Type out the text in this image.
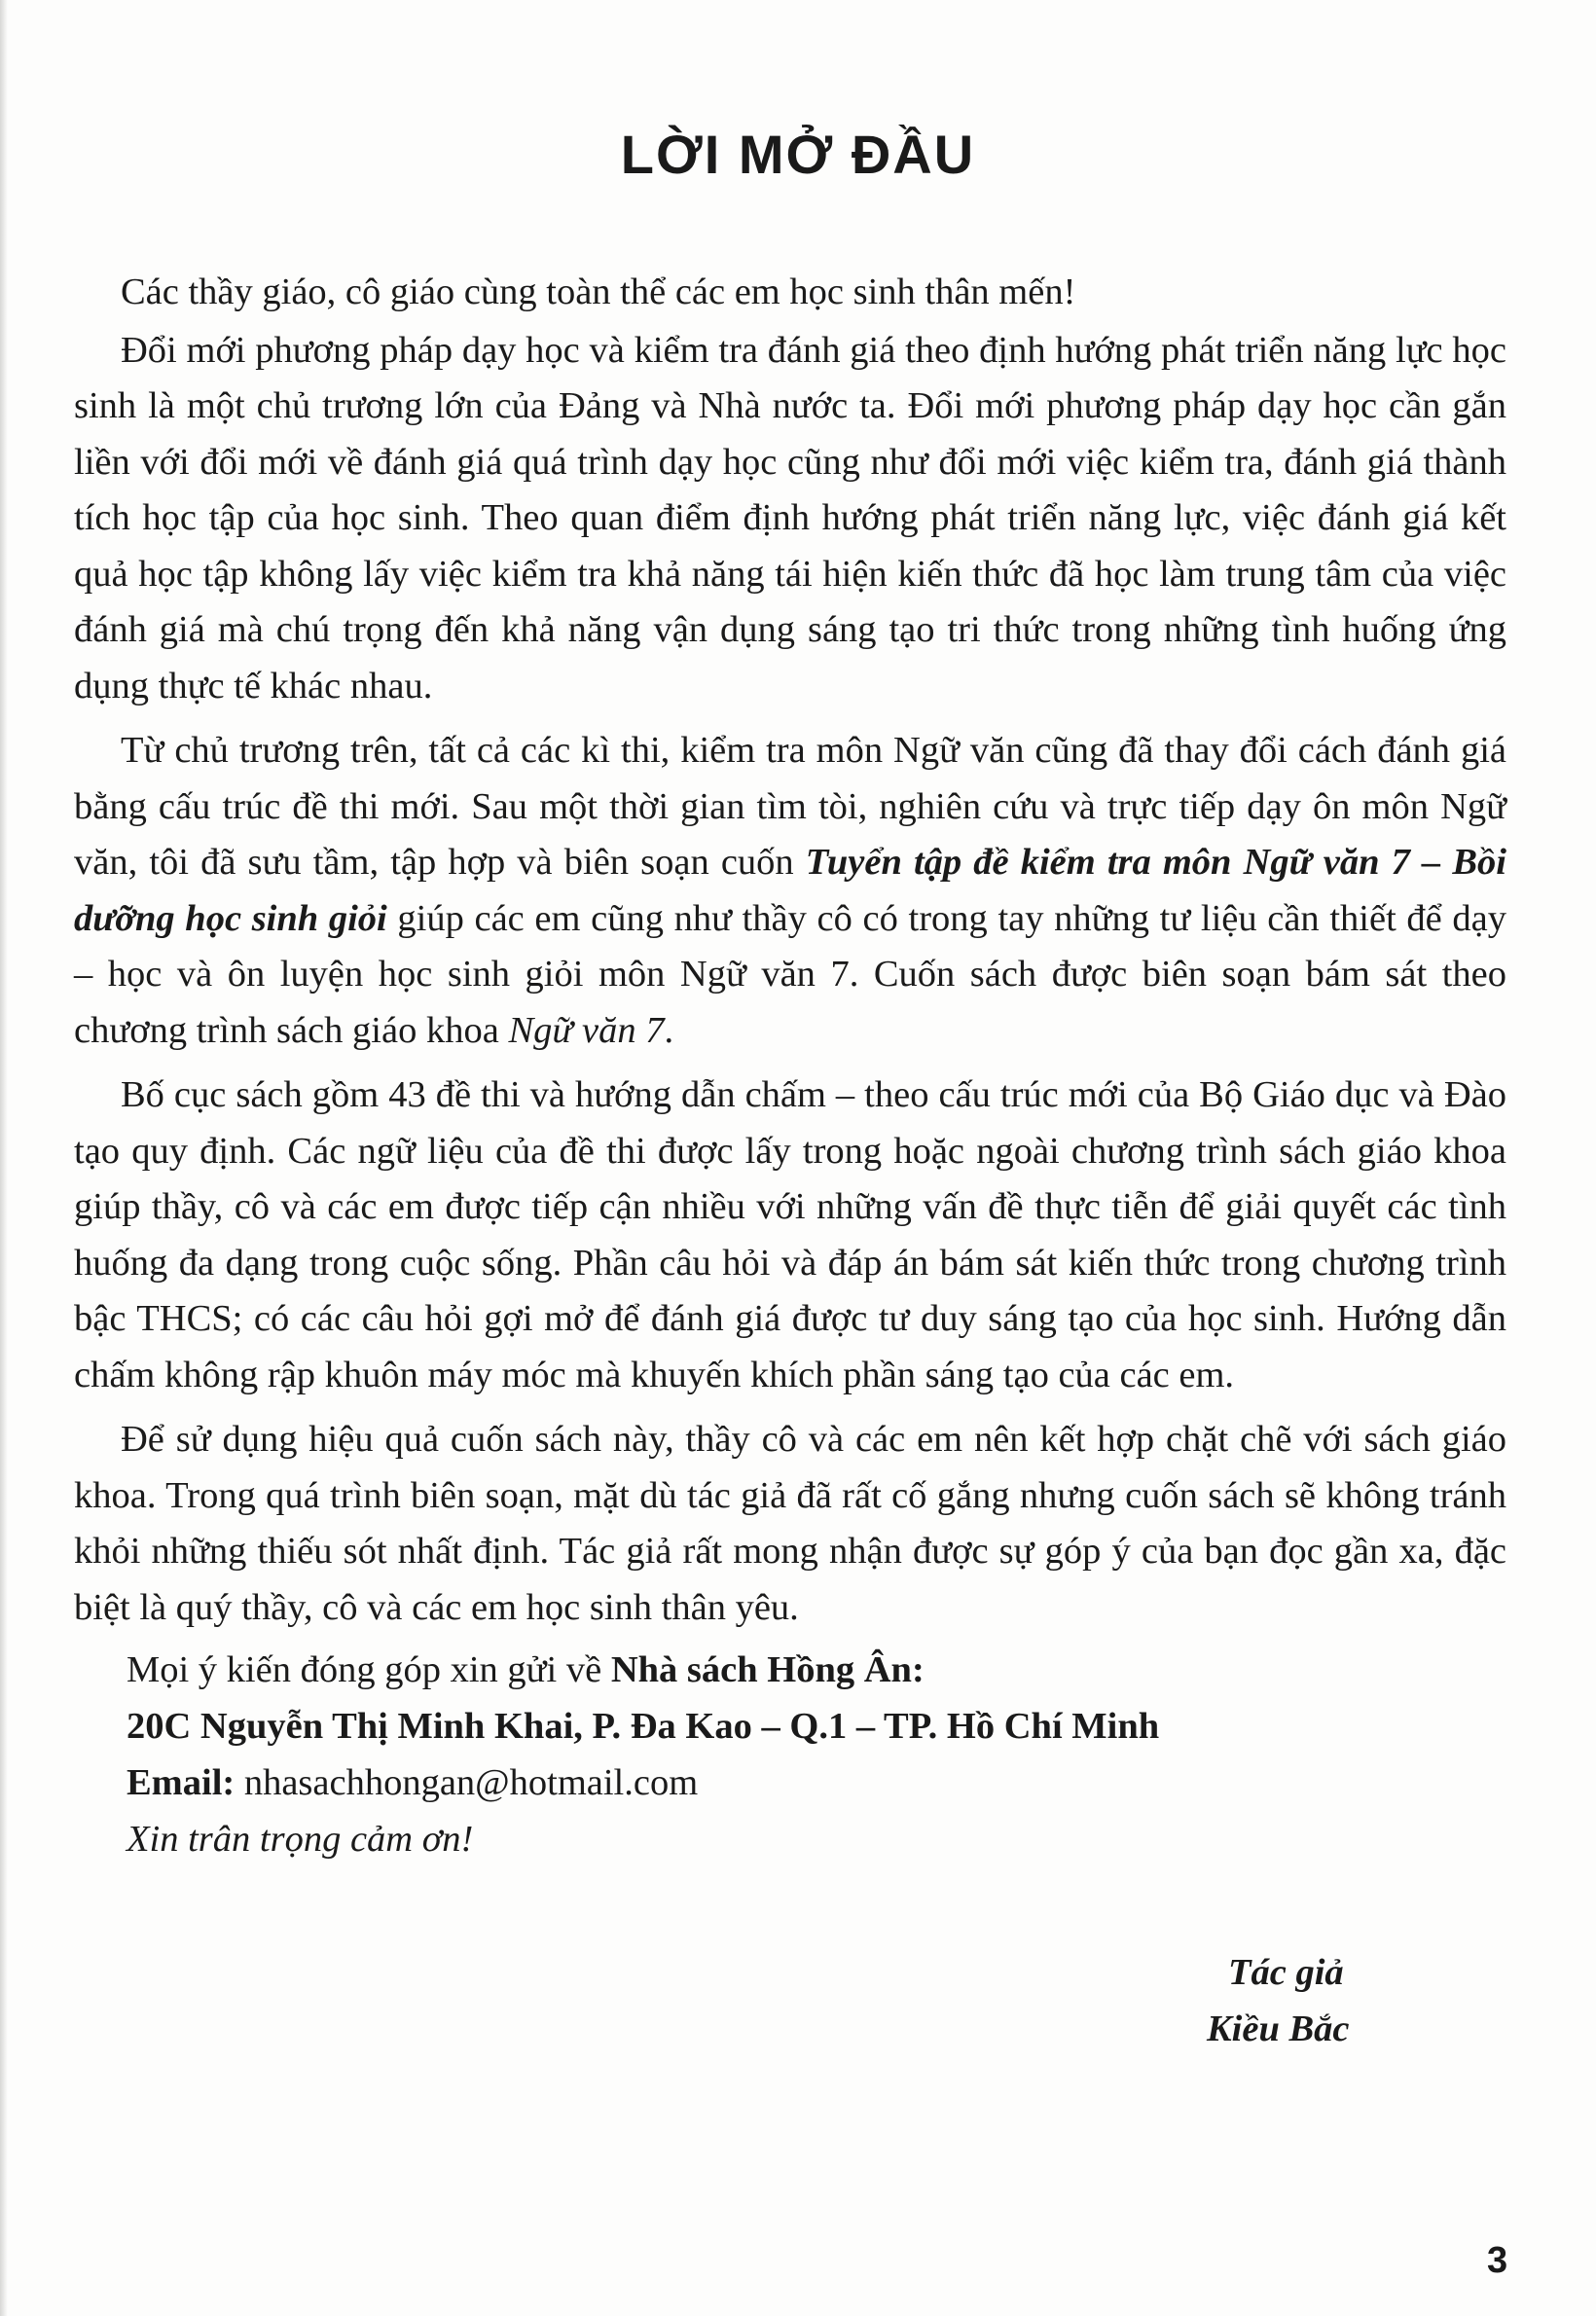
LỜI MỞ ĐẦU

Các thầy giáo, cô giáo cùng toàn thể các em học sinh thân mến!

Đổi mới phương pháp dạy học và kiểm tra đánh giá theo định hướng phát triển năng lực học sinh là một chủ trương lớn của Đảng và Nhà nước ta. Đổi mới phương pháp dạy học cần gắn liền với đổi mới về đánh giá quá trình dạy học cũng như đổi mới việc kiểm tra, đánh giá thành tích học tập của học sinh. Theo quan điểm định hướng phát triển năng lực, việc đánh giá kết quả học tập không lấy việc kiểm tra khả năng tái hiện kiến thức đã học làm trung tâm của việc đánh giá mà chú trọng đến khả năng vận dụng sáng tạo tri thức trong những tình huống ứng dụng thực tế khác nhau.

Từ chủ trương trên, tất cả các kì thi, kiểm tra môn Ngữ văn cũng đã thay đổi cách đánh giá bằng cấu trúc đề thi mới. Sau một thời gian tìm tòi, nghiên cứu và trực tiếp dạy ôn môn Ngữ văn, tôi đã sưu tầm, tập hợp và biên soạn cuốn Tuyển tập đề kiểm tra môn Ngữ văn 7 – Bồi dưỡng học sinh giỏi giúp các em cũng như thầy cô có trong tay những tư liệu cần thiết để dạy – học và ôn luyện học sinh giỏi môn Ngữ văn 7. Cuốn sách được biên soạn bám sát theo chương trình sách giáo khoa Ngữ văn 7.

Bố cục sách gồm 43 đề thi và hướng dẫn chấm – theo cấu trúc mới của Bộ Giáo dục và Đào tạo quy định. Các ngữ liệu của đề thi được lấy trong hoặc ngoài chương trình sách giáo khoa giúp thầy, cô và các em được tiếp cận nhiều với những vấn đề thực tiễn để giải quyết các tình huống đa dạng trong cuộc sống. Phần câu hỏi và đáp án bám sát kiến thức trong chương trình bậc THCS; có các câu hỏi gợi mở để đánh giá được tư duy sáng tạo của học sinh. Hướng dẫn chấm không rập khuôn máy móc mà khuyến khích phần sáng tạo của các em.

Để sử dụng hiệu quả cuốn sách này, thầy cô và các em nên kết hợp chặt chẽ với sách giáo khoa. Trong quá trình biên soạn, mặt dù tác giả đã rất cố gắng nhưng cuốn sách sẽ không tránh khỏi những thiếu sót nhất định. Tác giả rất mong nhận được sự góp ý của bạn đọc gần xa, đặc biệt là quý thầy, cô và các em học sinh thân yêu.

Mọi ý kiến đóng góp xin gửi về Nhà sách Hồng Ân:

20C Nguyễn Thị Minh Khai, P. Đa Kao – Q.1 – TP. Hồ Chí Minh

Email: nhasachhongan@hotmail.com

Xin trân trọng cảm ơn!

Tác giả
Kiều Bắc
3
